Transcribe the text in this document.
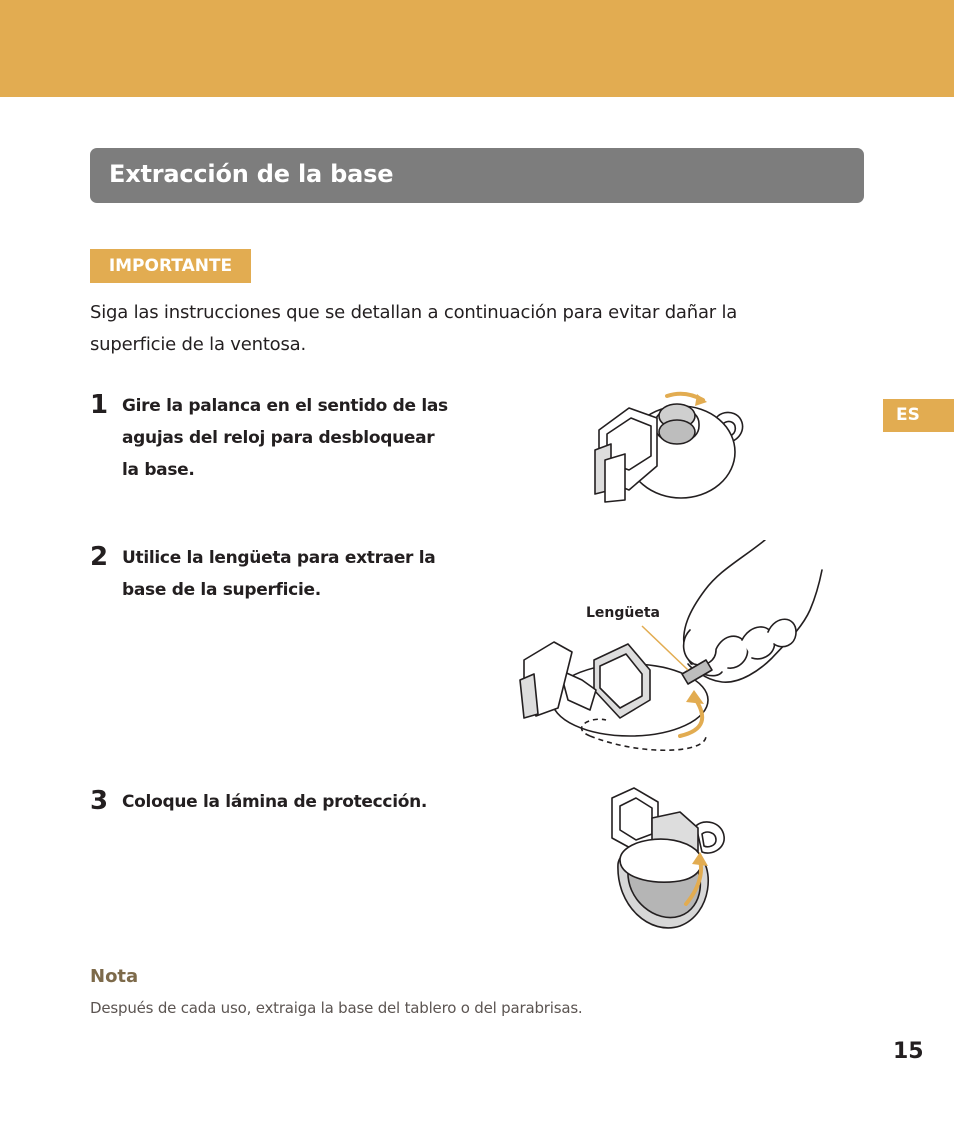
Extracción de la base
IMPORTANTE

Siga las instrucciones que se detallan a continuación para evitar dañar la
superficie de la ventosa.

ES
1 Gire la palanca en el sentido de las
agujas del reloj para desbloquear
la base.

2 Utilice la lengüeta para extraer la
base de la superficie.

3 Coloque la lámina de protección.

Lengüeta
Nota

Después de cada uso, extraiga la base del tablero o del parabrisas.

15
